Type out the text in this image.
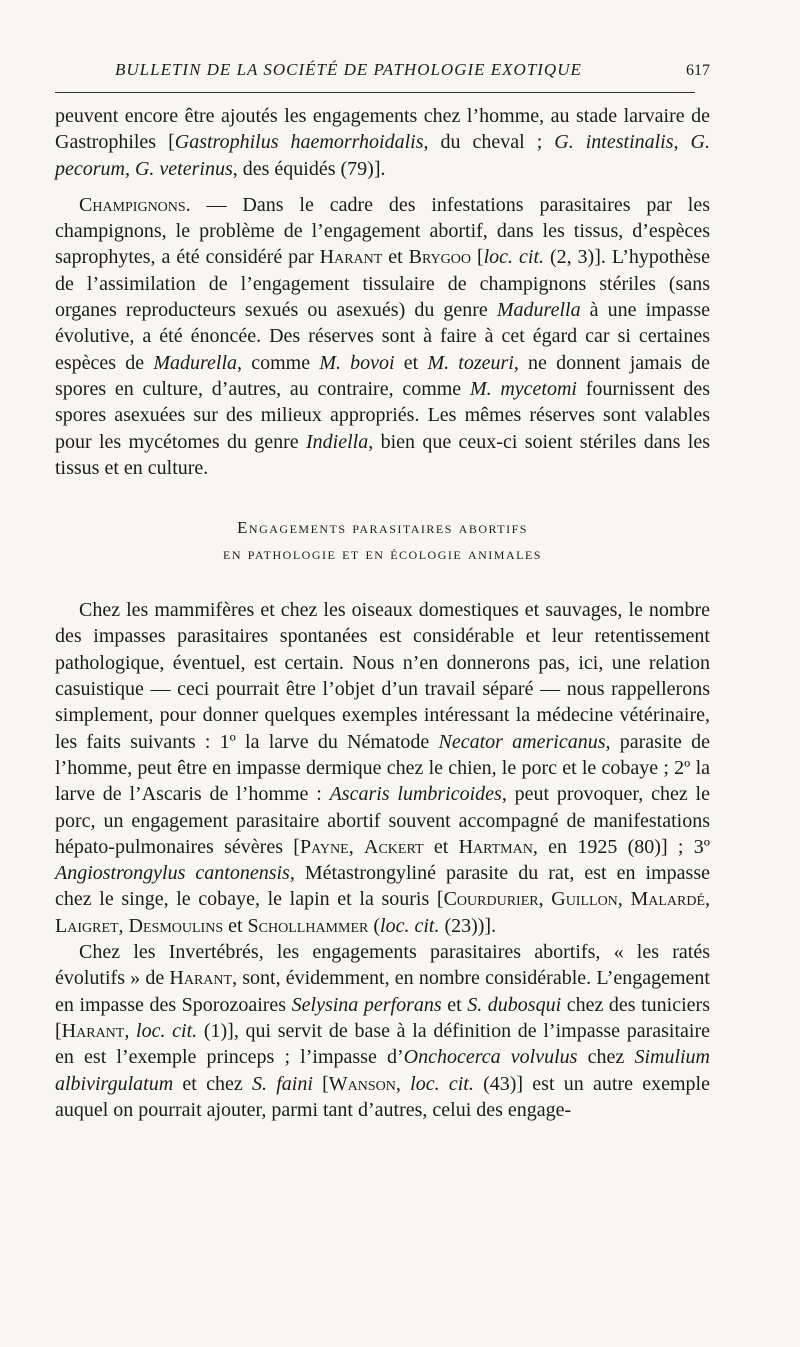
BULLETIN DE LA SOCIÉTÉ DE PATHOLOGIE EXOTIQUE	617

peuvent encore être ajoutés les engagements chez l’homme, au stade larvaire de Gastrophiles [Gastrophilus haemorrhoidalis, du cheval ; G. intestinalis, G. pecorum, G. veterinus, des équidés (79)].

Champignons. — Dans le cadre des infestations parasitaires par les champignons, le problème de l’engagement abortif, dans les tissus, d’espèces saprophytes, a été considéré par Harant et Brygoo [loc. cit. (2, 3)]. L’hypothèse de l’assimilation de l’engagement tissulaire de champignons stériles (sans organes reproducteurs sexués ou asexués) du genre Madurella à une impasse évolutive, a été énoncée. Des réserves sont à faire à cet égard car si certaines espèces de Madurella, comme M. bovoi et M. tozeuri, ne donnent jamais de spores en culture, d’autres, au contraire, comme M. mycetomi fournissent des spores asexuées sur des milieux appropriés. Les mêmes réserves sont valables pour les mycétomes du genre Indiella, bien que ceux-ci soient stériles dans les tissus et en culture.

Engagements parasitaires abortifs
en pathologie et en écologie animales

Chez les mammifères et chez les oiseaux domestiques et sauvages, le nombre des impasses parasitaires spontanées est considérable et leur retentissement pathologique, éventuel, est certain. Nous n’en donnerons pas, ici, une relation casuistique — ceci pourrait être l’objet d’un travail séparé — nous rappellerons simplement, pour donner quelques exemples intéressant la médecine vétérinaire, les faits suivants : 1º la larve du Nématode Necator americanus, parasite de l’homme, peut être en impasse dermique chez le chien, le porc et le cobaye ; 2º la larve de l’Ascaris de l’homme : Ascaris lumbricoides, peut provoquer, chez le porc, un engagement parasitaire abortif souvent accompagné de manifestations hépato-pulmonaires sévères [Payne, Ackert et Hartman, en 1925 (80)] ; 3º Angiostrongylus cantonensis, Métastrongyliné parasite du rat, est en impasse chez le singe, le cobaye, le lapin et la souris [Courdurier, Guillon, Malardé, Laigret, Desmoulins et Schollhammer (loc. cit. (23))].

Chez les Invertébrés, les engagements parasitaires abortifs, « les ratés évolutifs » de Harant, sont, évidemment, en nombre considérable. L’engagement en impasse des Sporozoaires Selysina perforans et S. dubosqui chez des tuniciers [Harant, loc. cit. (1)], qui servit de base à la définition de l’impasse parasitaire en est l’exemple princeps ; l’impasse d’Onchocerca volvulus chez Simulium albivirgulatum et chez S. faini [Wanson, loc. cit. (43)] est un autre exemple auquel on pourrait ajouter, parmi tant d’autres, celui des engage-
